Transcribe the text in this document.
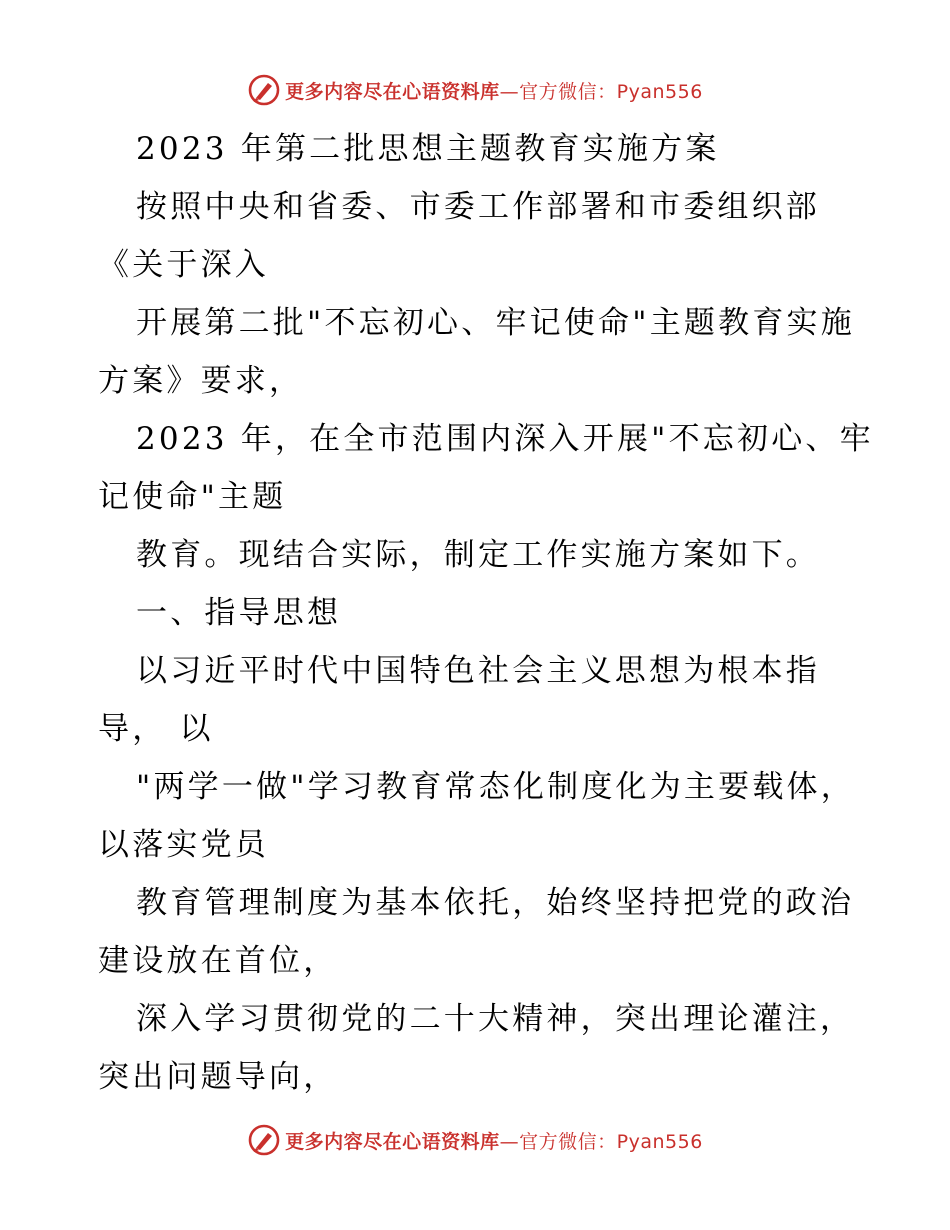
更多内容尽在心语资料库—官方微信：Pyan556
2023 年第二批思想主题教育实施方案
按照中央和省委、市委工作部署和市委组织部
《关于深入
开展第二批"不忘初心、牢记使命"主题教育实施
方案》要求，
2023 年，在全市范围内深入开展"不忘初心、牢
记使命"主题
教育。现结合实际，制定工作实施方案如下。
一、指导思想
以习近平时代中国特色社会主义思想为根本指
导， 以
"两学一做"学习教育常态化制度化为主要载体，
以落实党员
教育管理制度为基本依托，始终坚持把党的政治
建设放在首位，
深入学习贯彻党的二十大精神，突出理论灌注，
突出问题导向，
更多内容尽在心语资料库—官方微信：Pyan556
